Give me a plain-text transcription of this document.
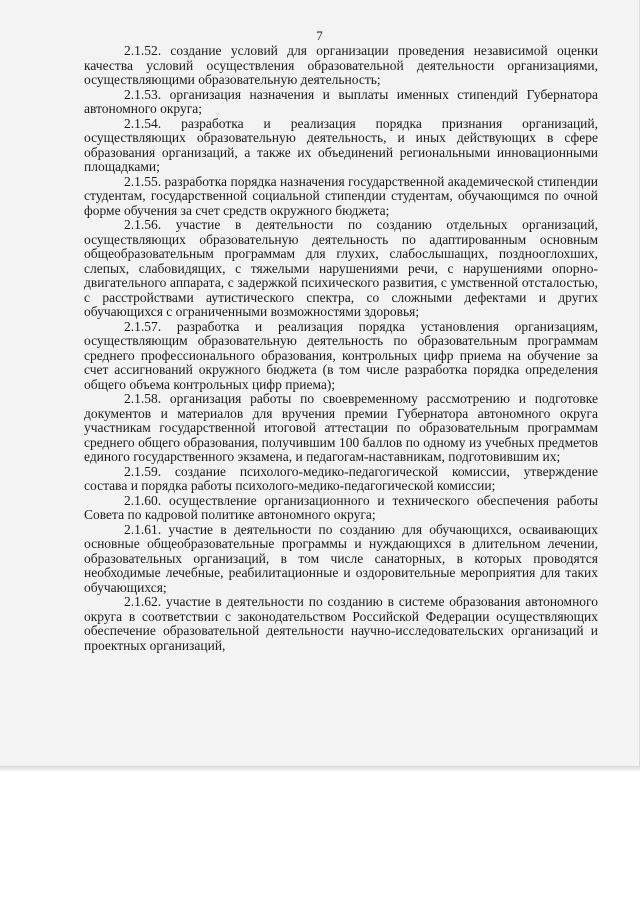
7

2.1.52. создание условий для организации проведения независимой оценки качества условий осуществления образовательной деятельности организациями, осуществляющими образовательную деятельность;

2.1.53. организация назначения и выплаты именных стипендий Губернатора автономного округа;

2.1.54. разработка и реализация порядка признания организаций, осуществляющих образовательную деятельность, и иных действующих в сфере образования организаций, а также их объединений региональными инновационными площадками;

2.1.55. разработка порядка назначения государственной академической стипендии студентам, государственной социальной стипендии студентам, обучающимся по очной форме обучения за счет средств окружного бюджета;

2.1.56. участие в деятельности по созданию отдельных организаций, осуществляющих образовательную деятельность по адаптированным основным общеобразовательным программам для глухих, слабослышащих, позднооглохших, слепых, слабовидящих, с тяжелыми нарушениями речи, с нарушениями опорно-двигательного аппарата, с задержкой психического развития, с умственной отсталостью, с расстройствами аутистического спектра, со сложными дефектами и других обучающихся с ограниченными возможностями здоровья;

2.1.57. разработка и реализация порядка установления организациям, осуществляющим образовательную деятельность по образовательным программам среднего профессионального образования, контрольных цифр приема на обучение за счет ассигнований окружного бюджета (в том числе разработка порядка определения общего объема контрольных цифр приема);

2.1.58. организация работы по своевременному рассмотрению и подготовке документов и материалов для вручения премии Губернатора автономного округа участникам государственной итоговой аттестации по образовательным программам среднего общего образования, получившим 100 баллов по одному из учебных предметов единого государственного экзамена, и педагогам-наставникам, подготовившим их;

2.1.59. создание психолого-медико-педагогической комиссии, утверждение состава и порядка работы психолого-медико-педагогической комиссии;

2.1.60. осуществление организационного и технического обеспечения работы Совета по кадровой политике автономного округа;

2.1.61. участие в деятельности по созданию для обучающихся, осваивающих основные общеобразовательные программы и нуждающихся в длительном лечении, образовательных организаций, в том числе санаторных, в которых проводятся необходимые лечебные, реабилитационные и оздоровительные мероприятия для таких обучающихся;

2.1.62. участие в деятельности по созданию в системе образования автономного округа в соответствии с законодательством Российской Федерации осуществляющих обеспечение образовательной деятельности научно-исследовательских организаций и проектных организаций,
